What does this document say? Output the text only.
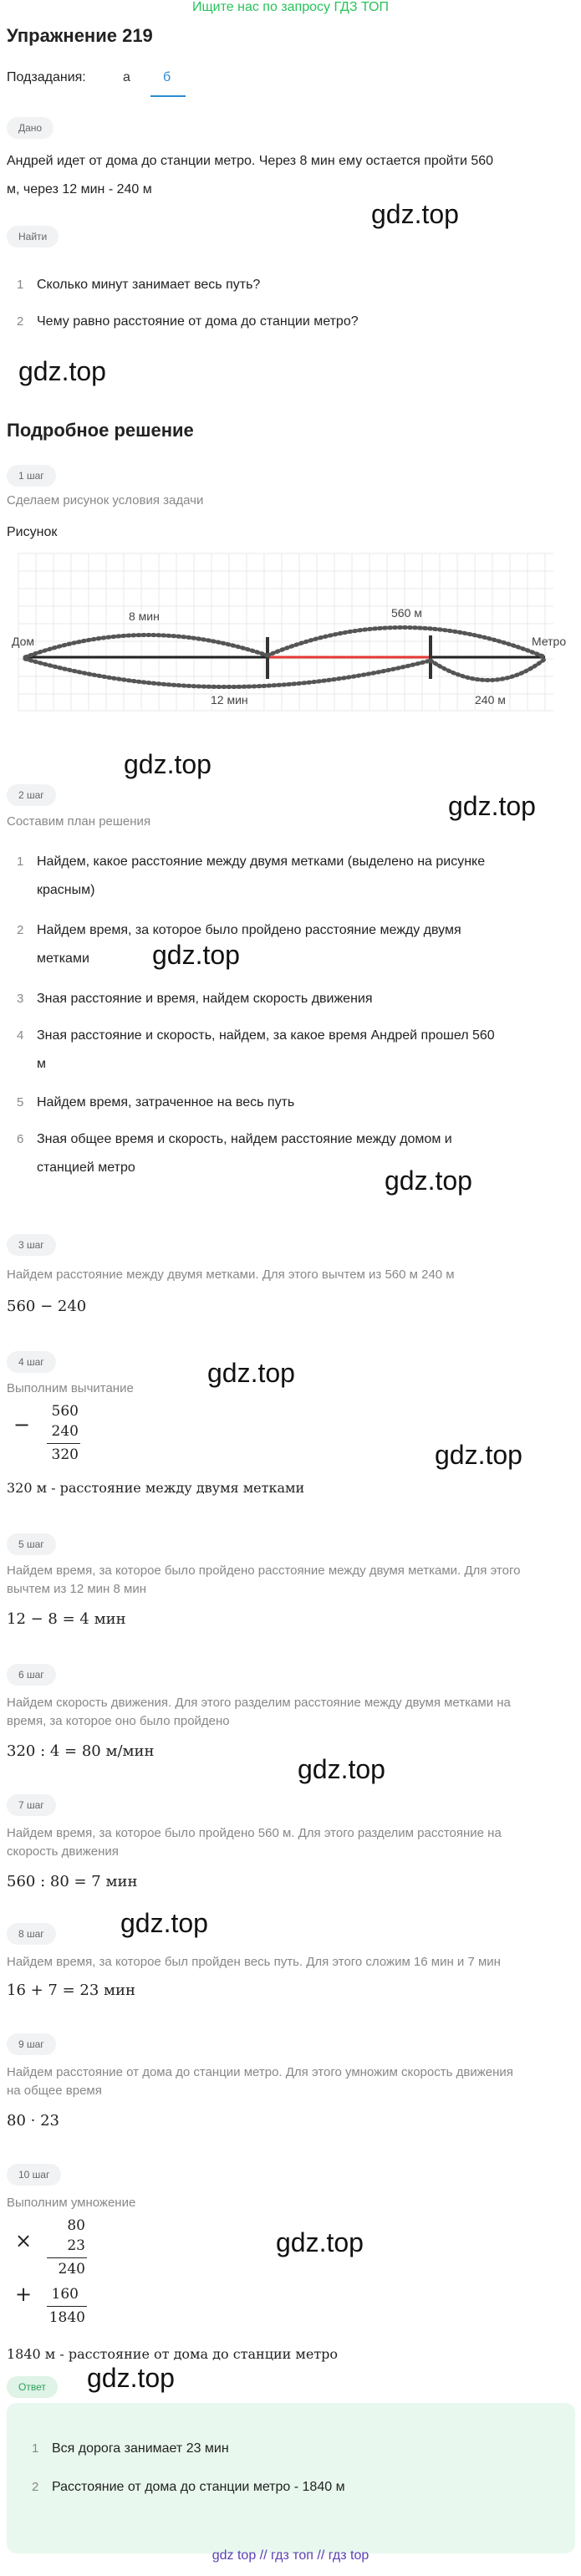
Ищите нас по запросу ГДЗ ТОП
Упражнение 219
Подзадания:	а б
Дано
Андрей идет от дома до станции метро. Через 8 мин ему остается пройти 560
м, через 12 мин - 240 м
gdz.top
Найти
1 Сколько минут занимает весь путь?
2 Чему равно расстояние от дома до станции метро?
gdz.top
Подробное решение
1 шаг
Сделаем рисунок условия задачи
Рисунок
Дом	Метро
8 мин	560 м
12 мин	240 м
gdz.top
gdz.top
2 шаг
Составим план решения
1 Найдем, какое расстояние между двумя метками (выделено на рисунке
красным)
2 Найдем время, за которое было пройдено расстояние между двумя
метками	gdz.top
3 Зная расстояние и время, найдем скорость движения
4 Зная расстояние и скорость, найдем, за какое время Андрей прошел 560
м
5 Найдем время, затраченное на весь путь
6 Зная общее время и скорость, найдем расстояние между домом и
станцией метро	gdz.top
3 шаг
Найдем расстояние между двумя метками. Для этого вычтем из 560 м 240 м
560 − 240
4 шаг
Выполним вычитание
gdz.top
−
560
240
320	gdz.top
320 м - расстояние между двумя метками
5 шаг
Найдем время, за которое было пройдено расстояние между двумя метками. Для этого
вычтем из 12 мин 8 мин
12 − 8 = 4 мин
6 шаг
Найдем скорость движения. Для этого разделим расстояние между двумя метками на
время, за которое оно было пройдено
320 : 4 = 80 м/мин
gdz.top
7 шаг
Найдем время, за которое было пройдено 560 м. Для этого разделим расстояние на
скорость движения
560 : 80 = 7 мин
8 шаг	gdz.top
Найдем время, за которое был пройден весь путь. Для этого сложим 16 мин и 7 мин
16 + 7 = 23 мин
9 шаг
Найдем расстояние от дома до станции метро. Для этого умножим скорость движения
на общее время
80 · 23
10 шаг
Выполним умножение
×
80
23
240
+	160
1840
gdz.top
1840 м - расстояние от дома до станции метро
Ответ	gdz.top
1 Вся дорога занимает 23 мин
2 Расстояние от дома до станции метро - 1840 м
gdz top // гдз топ // гдз top
